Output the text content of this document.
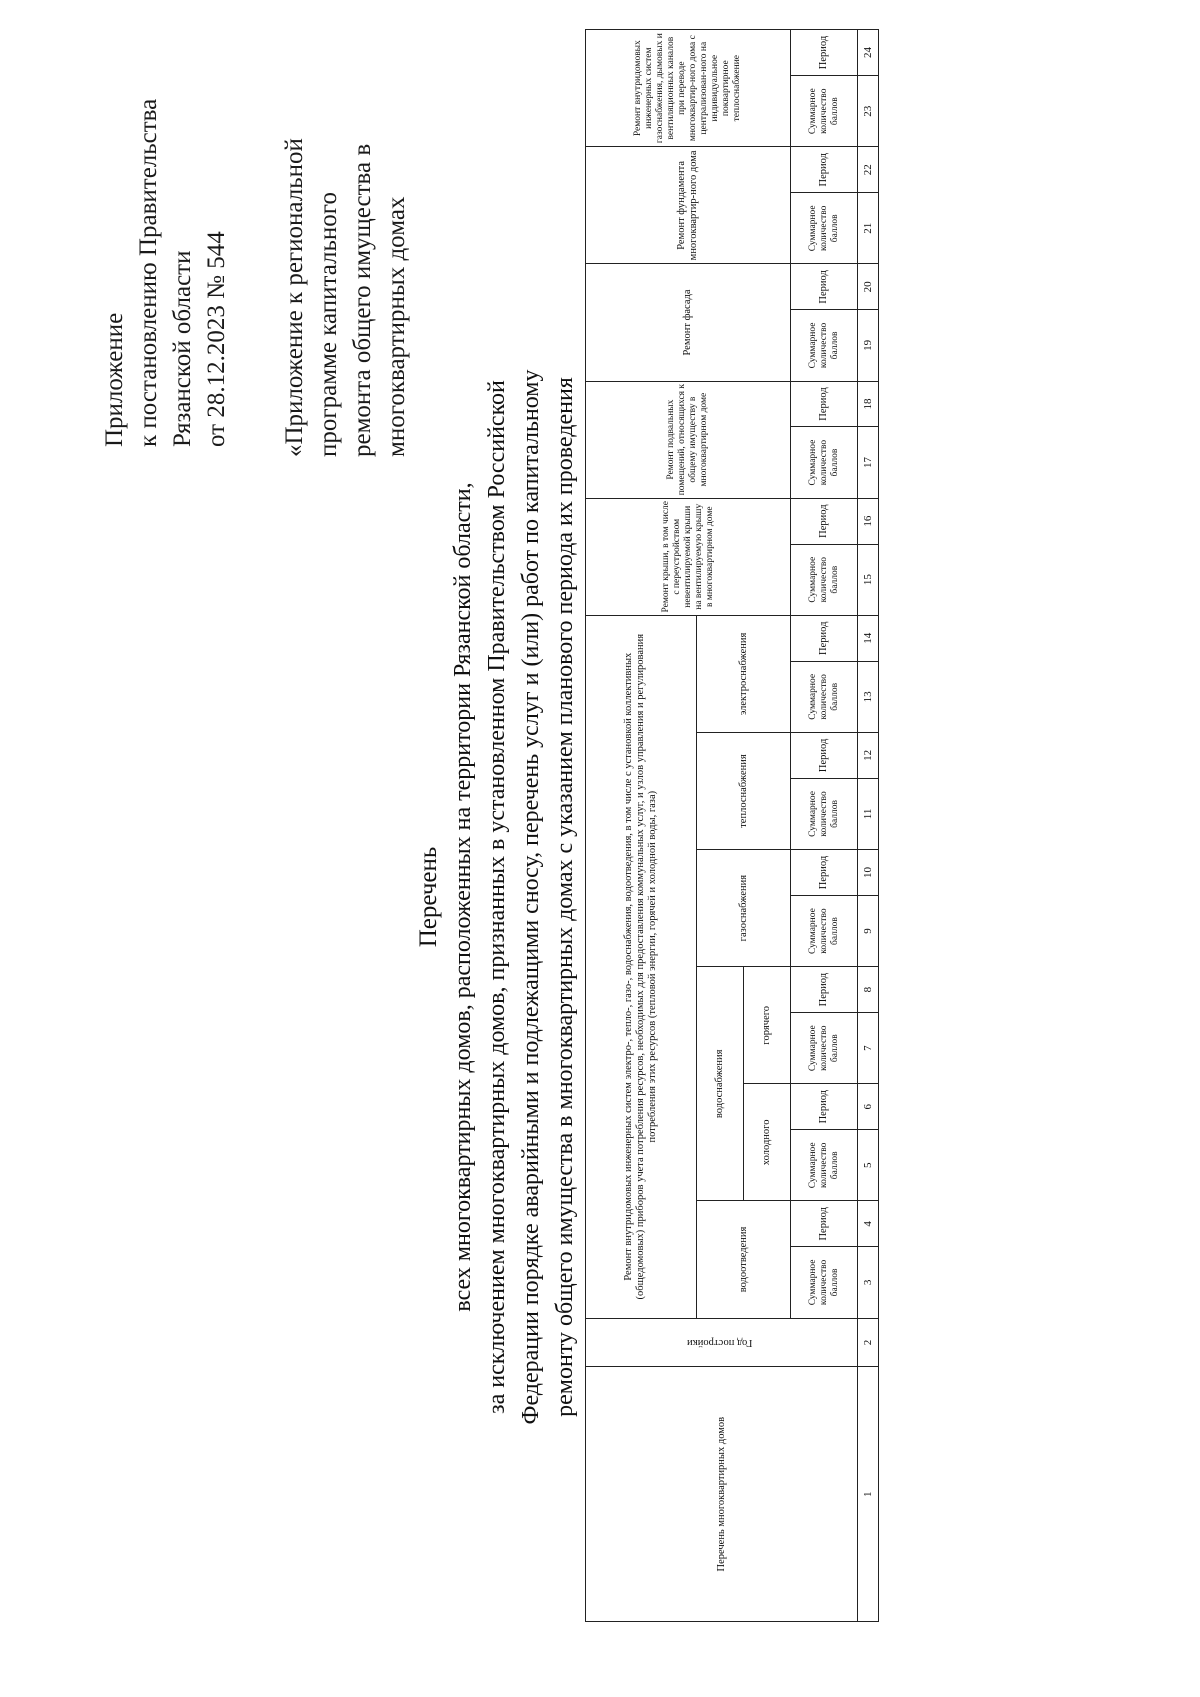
Приложение к постановлению Правительства Рязанской области от 28.12.2023 № 544 «Приложение к региональной программе капитального ремонта общего имущества в многоквартирных домах
Перечень всех многоквартирных домов, расположенных на территории Рязанской области, за исключением многоквартирных домов, признанных в установленном Правительством Российской Федерации порядке аварийными и подлежащими сносу, перечень услуг и (или) работ по капитальному ремонту общего имущества в многоквартирных домах с указанием планового периода их проведения
Перечень многоквартирных домов	Год постройки	Ремонт внутридомовых инженерных систем электро-, тепло-, газо-, водоснабжения, водоотведения, в том числе с установкой коллективных (общедомовых) приборов учета потребления ресурсов, необходимых для предоставления коммунальных услуг, и узлов управления и регулирования потребления этих ресурсов (тепловой энергии, горячей и холодной воды, газа)												Ремонт крыши, в том числе с переустройством невентилируемой крыши на вентилируемую крышу в многоквартирном доме		Ремонт подвальных помещений, относящихся к общему имуществу в многоквартирном доме		Ремонт фасада		Ремонт фундамента многоквартир-ного дома		Ремонт внутридомовых инженерных систем газоснабжения, дымовых и вентиляционных каналов при переводе многоквартир-ного дома с централизован-ного на индивидуальное поквартирное теплоснабжение	
		водоотведения		водоснабжения				газоснабжения		теплоснабжения		электроснабжения											
				холодного		горячего																	
		Суммарное количество баллов	Период	Суммарное количество баллов	Период	Суммарное количество баллов	Период	Суммарное количество баллов	Период	Суммарное количество баллов	Период	Суммарное количество баллов	Период	Суммарное количество баллов	Период	Суммарное количество баллов	Период	Суммарное количество баллов	Период	Суммарное количество баллов	Период	Суммарное количество баллов	Период
1	2	3	4	5	6	7	8	9	10	11	12	13	14	15	16	17	18	19	20	21	22	23	24
